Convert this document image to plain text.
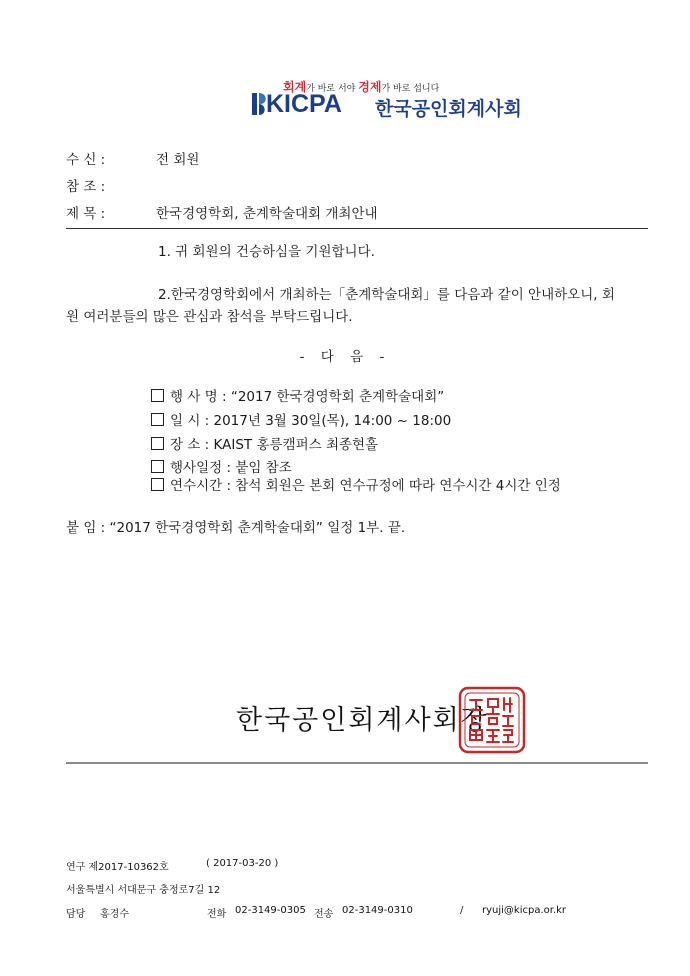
회계가 바로 서야 경제가 바로 섭니다
KICPA 한국공인회계사회
수 신 :	전 회원
참 조 :
제 목 :	한국경영학회, 춘계학술대회 개최안내
1. 귀 회원의 건승하심을 기원합니다.
2.한국경영학회에서 개최하는「춘계학술대회」를 다음과 같이 안내하오니, 회
원 여러분들의 많은 관심과 참석을 부탁드립니다.
- 다 음 -
행 사 명 : “2017 한국경영학회 춘계학술대회”
일 시 : 2017년 3월 30일(목), 14:00 ~ 18:00
장 소 : KAIST 홍릉캠퍼스 최종현홀
행사일정 : 붙임 참조
연수시간 : 참석 회원은 본회 연수규정에 따라 연수시간 4시간 인정
붙 임 : “2017 한국경영학회 춘계학술대회” 일정 1부. 끝.
한국공인회계사회장
연구 제2017-10362호	( 2017-03-20 )
서울특별시 서대문구 충정로7길 12
담당 홍경수	전화 02-3149-0305 전송 02-3149-0310	/ ryuji@kicpa.or.kr
